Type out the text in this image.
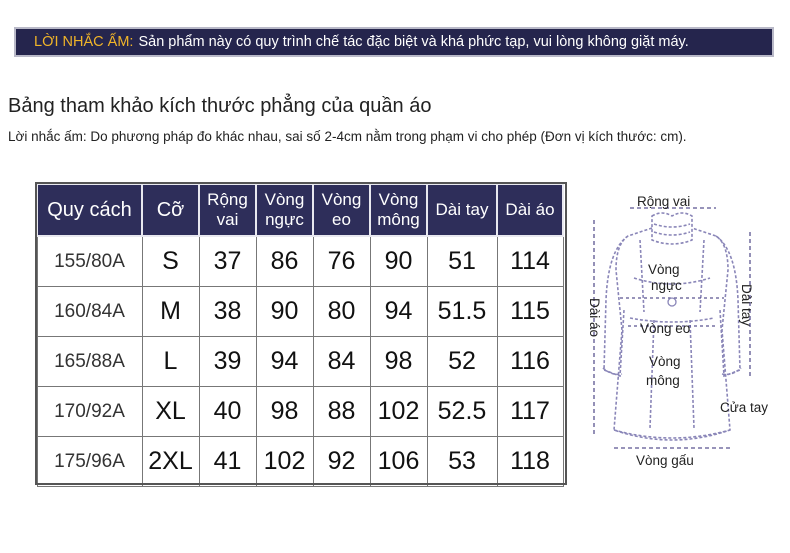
LỜI NHẮC ẤM: Sản phẩm này có quy trình chế tác đặc biệt và khá phức tạp, vui lòng không giặt máy.
Bảng tham khảo kích thước phẳng của quần áo
Lời nhắc ấm: Do phương pháp đo khác nhau, sai số 2-4cm nằm trong phạm vi cho phép (Đơn vị kích thước: cm).
Quy cách	Cỡ	Rộng vai	Vòng ngực	Vòng eo	Vòng mông	Dài tay	Dài áo
155/80A	S	37	86	76	90	51	114
160/84A	M	38	90	80	94	51.5	115
165/88A	L	39	94	84	98	52	116
170/92A	XL	40	98	88	102	52.5	117
175/96A	2XL	41	102	92	106	53	118
Rộng vai
Vòng
ngực
Vòng eo
Vòng
mông
Dài áo	Dài tay
Cửa tay
Vòng gấu
